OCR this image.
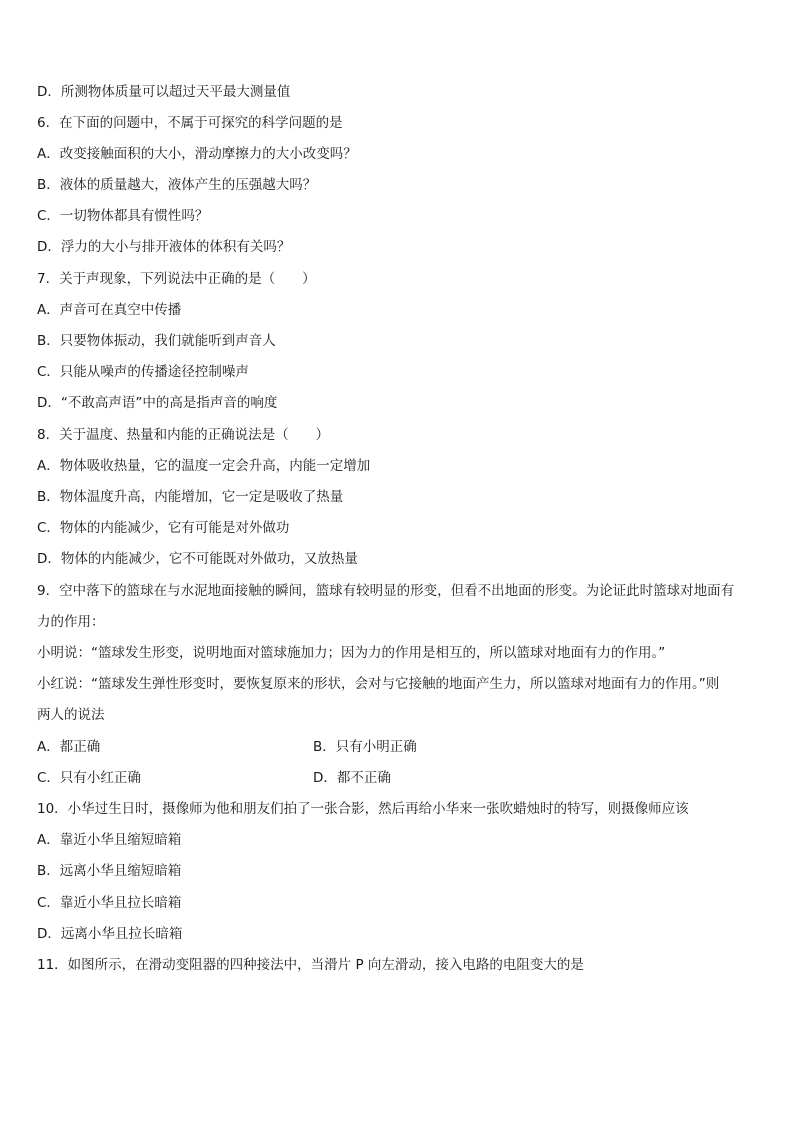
D．所测物体质量可以超过天平最大测量值
6．在下面的问题中，不属于可探究的科学问题的是
A．改变接触面积的大小，滑动摩擦力的大小改变吗？
B．液体的质量越大，液体产生的压强越大吗？
C．一切物体都具有惯性吗？
D．浮力的大小与排开液体的体积有关吗？
7．关于声现象，下列说法中正确的是（　　）
A．声音可在真空中传播
B．只要物体振动，我们就能听到声音人
C．只能从噪声的传播途径控制噪声
D．“不敢高声语”中的高是指声音的响度
8．关于温度、热量和内能的正确说法是（　　）
A．物体吸收热量，它的温度一定会升高，内能一定增加
B．物体温度升高，内能增加，它一定是吸收了热量
C．物体的内能减少，它有可能是对外做功
D．物体的内能减少，它不可能既对外做功，又放热量
9．空中落下的篮球在与水泥地面接触的瞬间，篮球有较明显的形变，但看不出地面的形变。为论证此时篮球对地面有
力的作用：
小明说：“篮球发生形变，说明地面对篮球施加力；因为力的作用是相互的，所以篮球对地面有力的作用。”
小红说：“篮球发生弹性形变时，要恢复原来的形状，会对与它接触的地面产生力，所以篮球对地面有力的作用。”则
两人的说法
A．都正确	B．只有小明正确
C．只有小红正确	D．都不正确
10．小华过生日时，摄像师为他和朋友们拍了一张合影，然后再给小华来一张吹蜡烛时的特写，则摄像师应该
A．靠近小华且缩短暗箱
B．远离小华且缩短暗箱
C．靠近小华且拉长暗箱
D．远离小华且拉长暗箱
11．如图所示，在滑动变阻器的四种接法中，当滑片 P 向左滑动，接入电路的电阻变大的是
